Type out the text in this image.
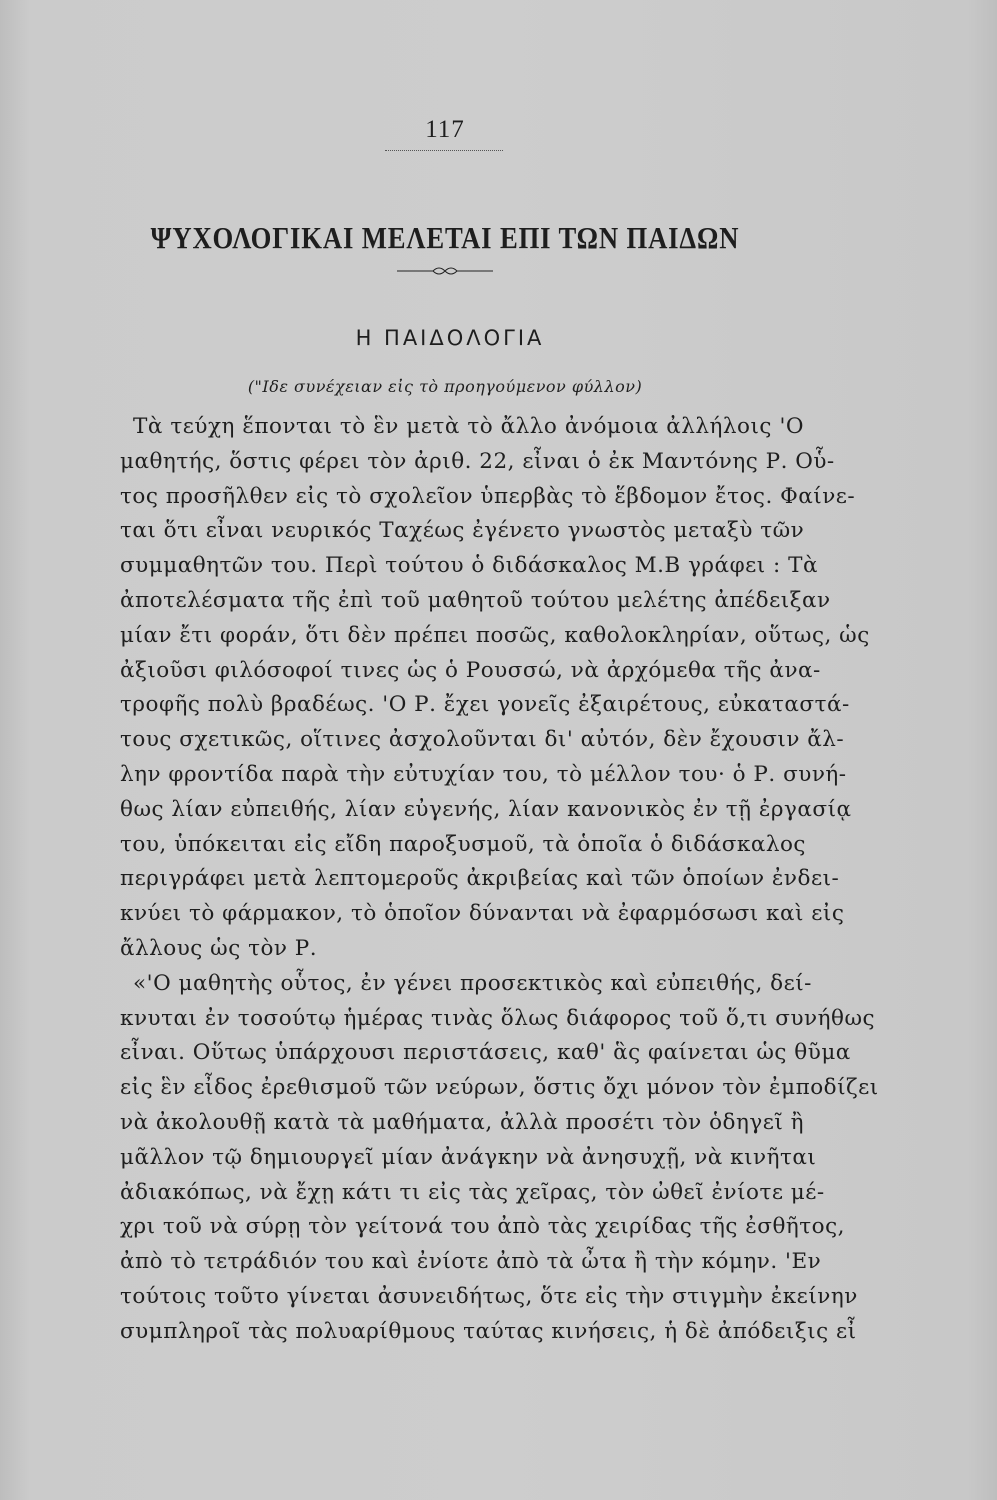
117
ΨΥΧΟΛΟΓΙΚΑΙ ΜΕΛΕΤΑΙ ΕΠΙ ΤΩΝ ΠΑΙΔΩΝ
Η ΠΑΙΔΟΛΟΓΙΑ
("Ιδε συνέχειαν εἰς τὸ προηγούμενον φύλλον)
Τὰ τεύχη ἕπονται τὸ ἓν μετὰ τὸ ἄλλο ἀνόμοια ἀλλήλοις 'Ο
μαθητής, ὅστις φέρει τὸν ἀριθ. 22, εἶναι ὁ ἐκ Μαντόνης Ρ. Οὗ-
τος προσῆλθεν εἰς τὸ σχολεῖον ὑπερβὰς τὸ ἕβδομον ἔτος. Φαίνε-
ται ὅτι εἶναι νευρικός Ταχέως ἐγένετο γνωστὸς μεταξὺ τῶν
συμμαθητῶν του. Περὶ τούτου ὁ διδάσκαλος Μ.Β γράφει : Τὰ
ἀποτελέσματα τῆς ἐπὶ τοῦ μαθητοῦ τούτου μελέτης ἀπέδειξαν
μίαν ἔτι φοράν, ὅτι δὲν πρέπει ποσῶς, καθολοκληρίαν, οὕτως, ὡς
ἀξιοῦσι φιλόσοφοί τινες ὡς ὁ Ρουσσώ, νὰ ἀρχόμεθα τῆς ἀνα-
τροφῆς πολὺ βραδέως. 'Ο Ρ. ἔχει γονεῖς ἐξαιρέτους, εὐκαταστά-
τους σχετικῶς, οἵτινες ἀσχολοῦνται δι' αὐτόν, δὲν ἔχουσιν ἄλ-
λην φροντίδα παρὰ τὴν εὐτυχίαν του, τὸ μέλλον του· ὁ Ρ. συνή-
θως λίαν εὐπειθής, λίαν εὐγενής, λίαν κανονικὸς ἐν τῇ ἐργασίᾳ
του, ὑπόκειται εἰς εἴδη παροξυσμοῦ, τὰ ὁποῖα ὁ διδάσκαλος
περιγράφει μετὰ λεπτομεροῦς ἀκριβείας καὶ τῶν ὁποίων ἐνδει-
κνύει τὸ φάρμακον, τὸ ὁποῖον δύνανται νὰ ἐφαρμόσωσι καὶ εἰς
ἄλλους ὡς τὸν Ρ.
«'Ο μαθητὴς οὗτος, ἐν γένει προσεκτικὸς καὶ εὐπειθής, δεί-
κνυται ἐν τοσούτῳ ἡμέρας τινὰς ὅλως διάφορος τοῦ ὅ,τι συνήθως
εἶναι. Οὕτως ὑπάρχουσι περιστάσεις, καθ' ἃς φαίνεται ὡς θῦμα
εἰς ἓν εἶδος ἐρεθισμοῦ τῶν νεύρων, ὅστις ὄχι μόνον τὸν ἐμποδίζει
νὰ ἀκολουθῇ κατὰ τὰ μαθήματα, ἀλλὰ προσέτι τὸν ὁδηγεῖ ἢ
μᾶλλον τῷ δημιουργεῖ μίαν ἀνάγκην νὰ ἀνησυχῇ, νὰ κινῆται
ἀδιακόπως, νὰ ἔχῃ κάτι τι εἰς τὰς χεῖρας, τὸν ὠθεῖ ἐνίοτε μέ-
χρι τοῦ νὰ σύρῃ τὸν γείτονά του ἀπὸ τὰς χειρίδας τῆς ἐσθῆτος,
ἀπὸ τὸ τετράδιόν του καὶ ἐνίοτε ἀπὸ τὰ ὦτα ἢ τὴν κόμην. 'Εν
τούτοις τοῦτο γίνεται ἀσυνειδήτως, ὅτε εἰς τὴν στιγμὴν ἐκείνην
συμπληροῖ τὰς πολυαρίθμους ταύτας κινήσεις, ἡ δὲ ἀπόδειξις εἶ
